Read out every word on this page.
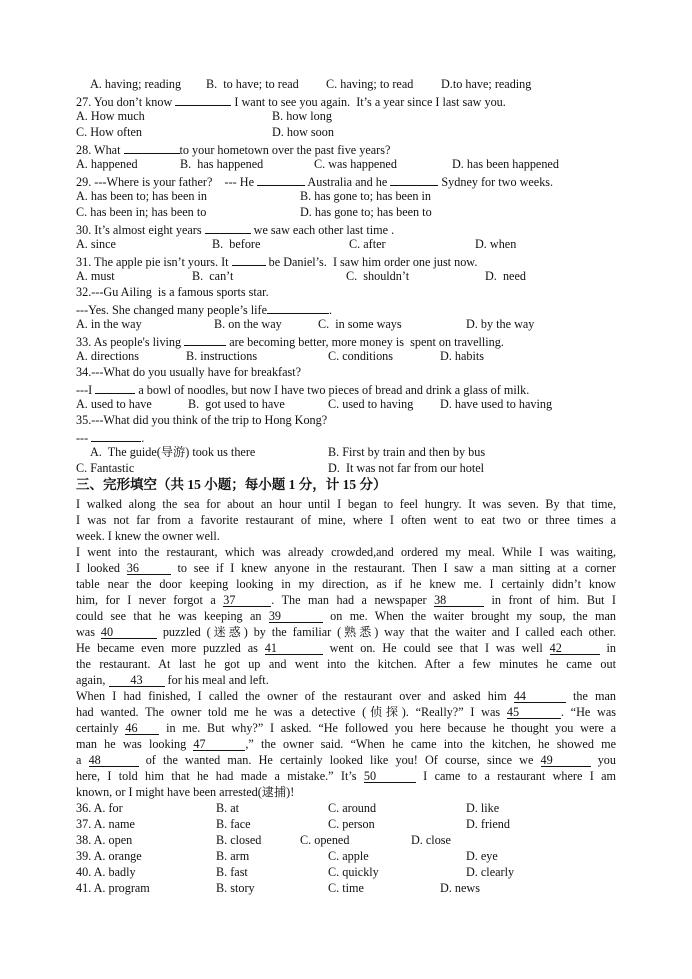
A. having; reading B.  to have; to read C. having; to read D.to have; reading
27. You don’t know	I want to see you again.  It’s a year since I last saw you.
A. How much	B. how long
C. How often	D. how soon
28. What	to your hometown over the past five years?
A. happened	B.  has happened	C. was happened	D. has been happened
29. ---Where is your father?    --- He	Australia and he	Sydney for two weeks.
A. has been to; has been in	B. has gone to; has been in
C. has been in; has been to	D. has gone to; has been to
30. It’s almost eight years	we saw each other last time .
A. since	B.  before	C. after	D. when
31. The apple pie isn’t yours. It	be Daniel’s.  I saw him order one just now.
A. must	B.  can’t	C.  shouldn’t	D.  need
32.---Gu Ailing  is a famous sports star.
---Yes. She changed many people’s life	.
A. in the way	B. on the way	C.  in some ways	D. by the way
33. As people's living	are becoming better, more money is  spent on travelling.
A. directions	B. instructions	C. conditions	D. habits
34.---What do you usually have for breakfast?
---I	a bowl of noodles, but now I have two pieces of bread and drink a glass of milk.
A. used to have	B.  got used to have	C. used to having D. have used to having
35.---What did you think of the trip to Hong Kong?
---	.
A.  The guide(导游) took us there	B. First by train and then by bus
C. Fantastic	D.  It was not far from our hotel
三、完形填空（共 15 小题；每小题 1 分，计 15 分）
I walked along the sea for about an hour until I began to feel hungry. It was seven. By that time,
I was not far from a favorite restaurant of mine, where I often went to eat two or three times a
week. I knew the owner well.
I went into the restaurant, which was already crowded,and ordered my meal. While I was waiting,
I looked 36	to see if I knew anyone in the restaurant. Then I saw a man sitting at a corner
table near the door keeping looking in my direction, as if he knew me. I certainly didn’t know
him, for I never forgot a 37	. The man had a newspaper 38	in front of him. But I
could see that he was keeping an 39	on me. When the waiter brought my soup, the man
was 40	puzzled (迷惑) by the familiar (熟悉) way that the waiter and I called each other.
He became even more puzzled as 41	went on. He could see that I was well 42	in
the restaurant. At last he got up and went into the kitchen. After a few minutes he came out
again, 43 for his meal and left.
When I had finished, I called the owner of the restaurant over and asked him 44	the man
had wanted. The owner told me he was a detective (侦探). “Really?” I was 45	. “He was
certainly 46 in me. But why?” I asked. “He followed you here because he thought you were a
man he was looking 47	,” the owner said. “When he came into the kitchen, he showed me
a 48	of the wanted man. He certainly looked like you! Of course, since we 49	you
here, I told him that he had made a mistake.” It’s 50	I came to a restaurant where I am
known, or I might have been arrested(逮捕)!
36. A. for	B. at	C. around	D. like
37. A. name	B. face	C. person	D. friend
38. A. open	B. closed	C. opened	D. close
39. A. orange	B. arm	C. apple	D. eye
40. A. badly	B. fast	C. quickly	D. clearly
41. A. program	B. story	C. time	D. news
